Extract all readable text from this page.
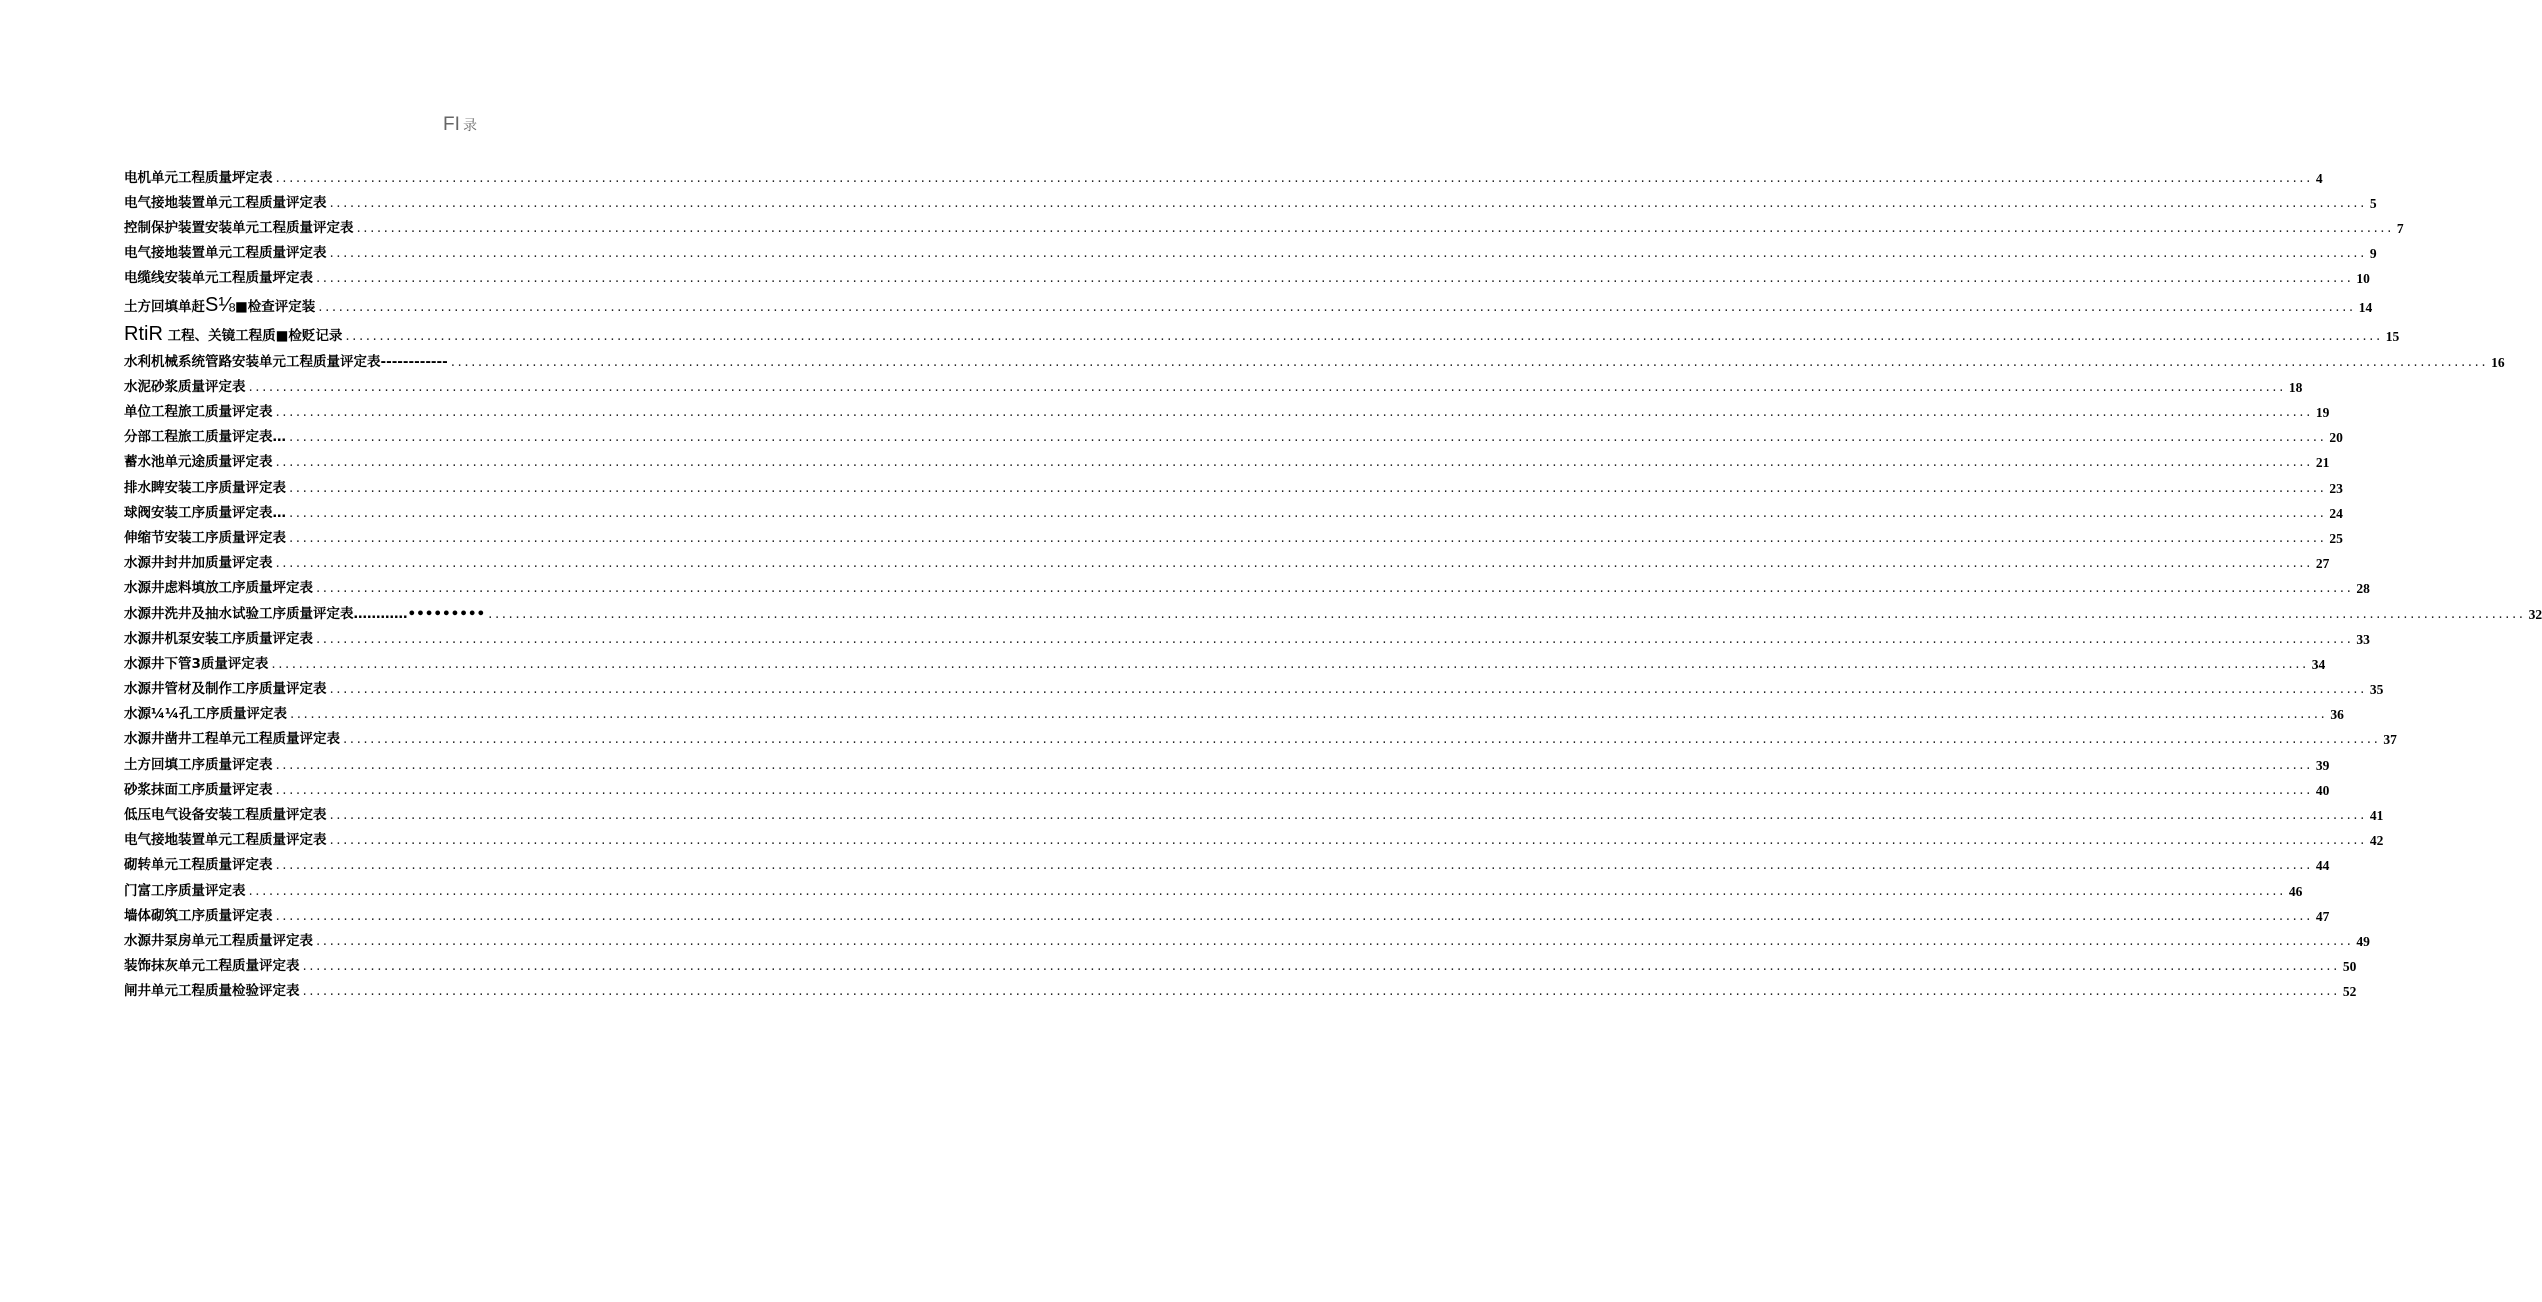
FI 录
电机单元工程质量坪定表 ............................................................................................................................................................................................................................................................................................................ 4
电气接地装置单元工程质量评定表 ............................................................................................................................................................................................................................................................................................................ 5
控制保护装置安装单元工程质量评定表 ............................................................................................................................................................................................................................................................................................................ 7
电气接地装置单元工程质量评定表 ............................................................................................................................................................................................................................................................................................................ 9
电缆线安装单元工程质量坪定表 ............................................................................................................................................................................................................................................................................................................ 10
土方回填单赶S⅛■检查评定装 ............................................................................................................................................................................................................................................................................................................ 14
RtiR 工程、关镜工程质■检贬记录 ............................................................................................................................................................................................................................................................................................................ 15
水利机械系统管路安装单元工程质量评定表‐‐‐‐‐‐‐‐‐‐‐‐ ............................................................................................................................................................................................................................................................................................................ 16
水泥砂浆质量评定表 ............................................................................................................................................................................................................................................................................................................ 18
单位工程旅工质量评定表 ............................................................................................................................................................................................................................................................................................................ 19
分部工程旅工质量评定表… ............................................................................................................................................................................................................................................................................................................ 20
蓄水池单元途质量评定表 ............................................................................................................................................................................................................................................................................................................ 21
排水睥安装工序质量评定表 ............................................................................................................................................................................................................................................................................................................ 23
球阀安装工序质量评定表… ............................................................................................................................................................................................................................................................................................................ 24
伸缩节安装工序质量评定表 ............................................................................................................................................................................................................................................................................................................ 25
水源井封井加质量评定表 ............................................................................................................................................................................................................................................................................................................ 27
水源井虑料填放工序质量坪定表 ............................................................................................................................................................................................................................................................................................................ 28
水源井洗井及抽水试验工序质量评定表…………••••••••• ............................................................................................................................................................................................................................................................................................................ 32
水源井机泵安装工序质量评定表 ............................................................................................................................................................................................................................................................................................................ 33
水源井下管3质量评定表 ............................................................................................................................................................................................................................................................................................................ 34
水源井管材及制作工序质量评定表 ............................................................................................................................................................................................................................................................................................................ 35
水源¼¼孔工序质量评定表 ............................................................................................................................................................................................................................................................................................................ 36
水源井凿井工程单元工程质量评定表 ............................................................................................................................................................................................................................................................................................................ 37
土方回填工序质量评定表 ............................................................................................................................................................................................................................................................................................................ 39
砂浆抹面工序质量评定表 ............................................................................................................................................................................................................................................................................................................ 40
低压电气设备安装工程质量评定表 ............................................................................................................................................................................................................................................................................................................ 41
电气接地装置单元工程质量评定表 ............................................................................................................................................................................................................................................................................................................ 42
砌转单元工程质量评定表 ............................................................................................................................................................................................................................................................................................................ 44
门富工序质量评定表 ............................................................................................................................................................................................................................................................................................................ 46
墙体砌筑工序质量评定表 ............................................................................................................................................................................................................................................................................................................ 47
水源井泵房单元工程质量评定表 ............................................................................................................................................................................................................................................................................................................ 49
装饰抹灰单元工程质量评定表 ............................................................................................................................................................................................................................................................................................................ 50
闸井单元工程质量检验评定表 ............................................................................................................................................................................................................................................................................................................ 52
